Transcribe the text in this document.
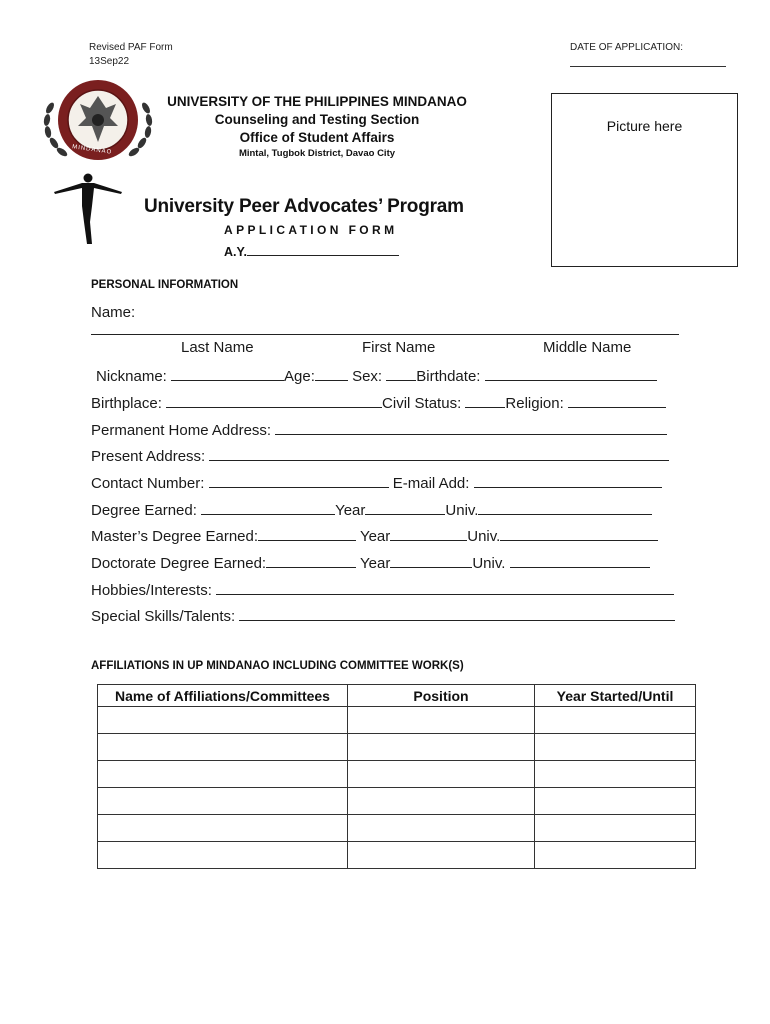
Revised PAF Form
13Sep22
DATE OF APPLICATION:
MINDANAO
UNIVERSITY OF THE PHILIPPINES MINDANAO
Counseling and Testing Section
Office of Student Affairs
Mintal, Tugbok District, Davao City
Picture here
University Peer Advocates’ Program
APPLICATION FORM
A.Y.
PERSONAL INFORMATION
Name:
Last Name	First Name	Middle Name
Nickname:	Age: Sex: Birthdate:
Birthplace:	Civil Status:	Religion:
Permanent Home Address:
Present Address:
Contact Number:	E-mail Add:
Degree Earned:	Year	Univ.
Master’s Degree Earned:	Year	Univ.
Doctorate Degree Earned:	Year	Univ.
Hobbies/Interests:
Special Skills/Talents:
AFFILIATIONS IN UP MINDANAO INCLUDING COMMITTEE WORK(S)
Name of Affiliations/Committees	Position	Year Started/Until
